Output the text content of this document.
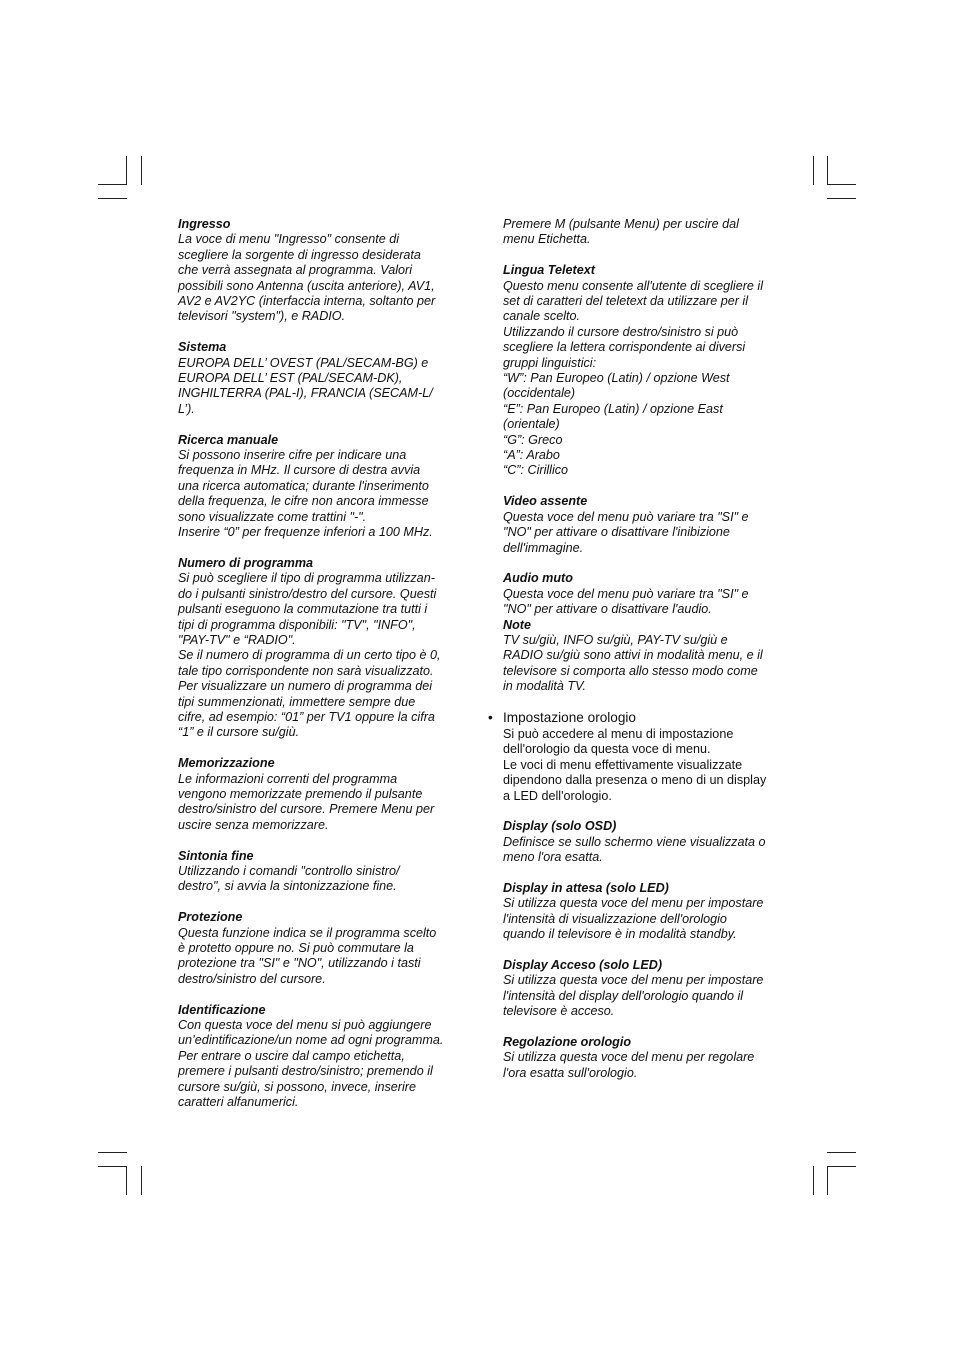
Ingresso
La voce di menu "Ingresso" consente di
scegliere la sorgente di ingresso desiderata
che verrà assegnata al programma. Valori
possibili sono Antenna (uscita anteriore), AV1,
AV2 e AV2YC (interfaccia interna, soltanto per
televisori "system"), e RADIO.
Sistema
EUROPA DELL’ OVEST (PAL/SECAM-BG) e
EUROPA DELL’ EST (PAL/SECAM-DK),
INGHILTERRA (PAL-I), FRANCIA (SECAM-L/
L’).
Ricerca manuale
Si possono inserire cifre per indicare una
frequenza in MHz. Il cursore di destra avvia
una ricerca automatica; durante l'inserimento
della frequenza, le cifre non ancora immesse
sono visualizzate come trattini "-".
Inserire “0” per frequenze inferiori a 100 MHz.
Numero di programma
Si può scegliere il tipo di programma utilizzan-
do i pulsanti sinistro/destro del cursore. Questi
pulsanti eseguono la commutazione tra tutti i
tipi di programma disponibili: "TV", "INFO",
"PAY-TV" e “RADIO".
Se il numero di programma di un certo tipo è 0,
tale tipo corrispondente non sarà visualizzato.
Per visualizzare un numero di programma dei
tipi summenzionati, immettere sempre due
cifre, ad esempio: “01” per TV1 oppure la cifra
“1” e il cursore su/giù.
Memorizzazione
Le informazioni correnti del programma
vengono memorizzate premendo il pulsante
destro/sinistro del cursore. Premere Menu per
uscire senza memorizzare.
Sintonia fine
Utilizzando i comandi "controllo sinistro/
destro", si avvia la sintonizzazione fine.
Protezione
Questa funzione indica se il programma scelto
è protetto oppure no. Si può commutare la
protezione tra "SI" e "NO", utilizzando i tasti
destro/sinistro del cursore.
Identificazione
Con questa voce del menu si può aggiungere
un’edintificazione/un nome ad ogni programma.
Per entrare o uscire dal campo etichetta,
premere i pulsanti destro/sinistro; premendo il
cursore su/giù, si possono, invece, inserire
caratteri alfanumerici.
Premere M (pulsante Menu) per uscire dal
menu Etichetta.
Lingua Teletext
Questo menu consente all'utente di scegliere il
set di caratteri del teletext da utilizzare per il
canale scelto.
Utilizzando il cursore destro/sinistro si può
scegliere la lettera corrispondente ai diversi
gruppi linguistici:
“W”: Pan Europeo (Latin) / opzione West
(occidentale)
“E”: Pan Europeo (Latin) / opzione East
(orientale)
“G”: Greco
“A”: Arabo
“C”: Cirillico
Video assente
Questa voce del menu può variare tra "SI" e
"NO" per attivare o disattivare l'inibizione
dell'immagine.
Audio muto
Questa voce del menu può variare tra "SI" e
"NO" per attivare o disattivare l'audio.
Note
TV su/giù, INFO su/giù, PAY-TV su/giù e
RADIO su/giù sono attivi in modalità menu, e il
televisore si comporta allo stesso modo come
in modalità TV.
• Impostazione orologio
Si può accedere al menu di impostazione
dell'orologio da questa voce di menu.
Le voci di menu effettivamente visualizzate
dipendono dalla presenza o meno di un display
a LED dell'orologio.
Display (solo OSD)
Definisce se sullo schermo viene visualizzata o
meno l'ora esatta.
Display in attesa (solo LED)
Si utilizza questa voce del menu per impostare
l'intensità di visualizzazione dell'orologio
quando il televisore è in modalità standby.
Display Acceso (solo LED)
Si utilizza questa voce del menu per impostare
l'intensità del display dell'orologio quando il
televisore è acceso.
Regolazione orologio
Si utilizza questa voce del menu per regolare
l'ora esatta sull'orologio.
